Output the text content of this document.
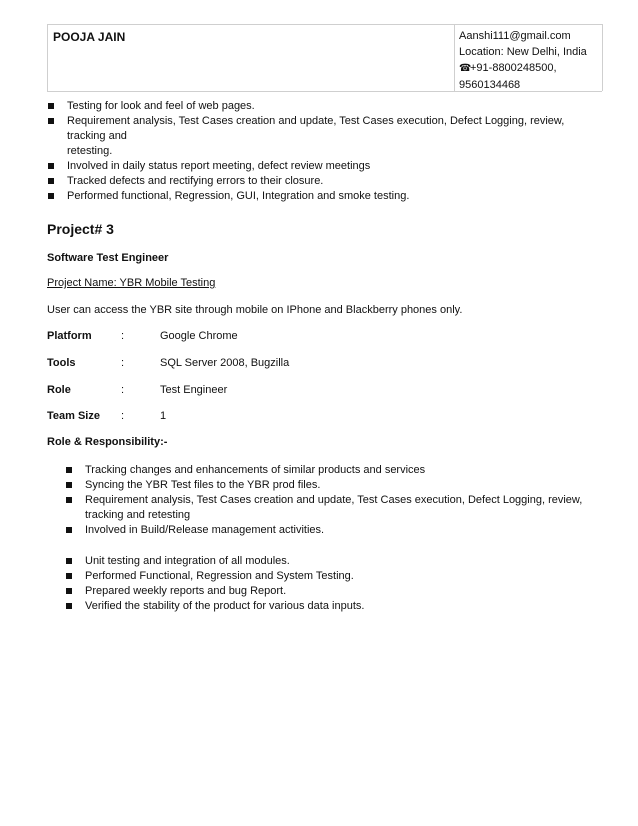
POOJA JAIN	Aanshi111@gmail.com
Location: New Delhi, India
☎+91-8800248500,
9560134468
Testing for look and feel of web pages.
Requirement analysis, Test Cases creation and update, Test Cases execution, Defect Logging, review, tracking and
retesting.
Involved in daily status report meeting, defect review meetings
Tracked defects and rectifying errors to their closure.
Performed functional, Regression, GUI, Integration and smoke testing.
Project# 3
Software Test Engineer
Project Name: YBR Mobile Testing
User can access the YBR site through mobile on IPhone and Blackberry phones only.
Platform	:	Google Chrome
Tools	:	SQL Server 2008, Bugzilla
Role	:	Test Engineer
Team Size :	1
Role & Responsibility:-
Tracking changes and enhancements of similar products and services
Syncing the YBR Test files to the YBR prod files.
Requirement analysis, Test Cases creation and update, Test Cases execution, Defect Logging, review,
tracking and retesting
Involved in Build/Release management activities.
Unit testing and integration of all modules.
Performed Functional, Regression and System Testing.
Prepared weekly reports and bug Report.
Verified the stability of the product for various data inputs.
